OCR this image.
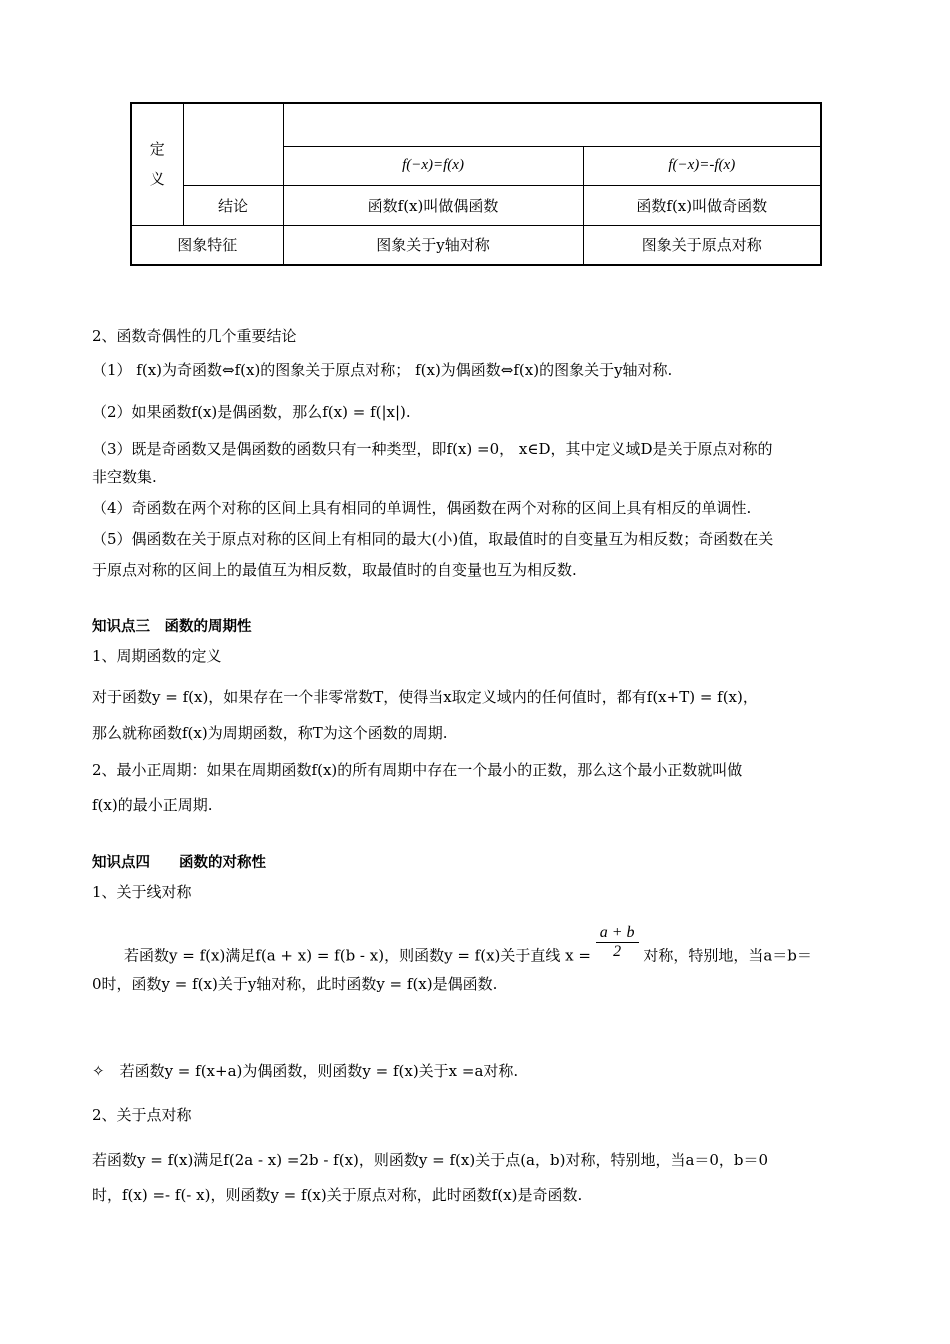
定义			

		f(−x)=f(x)	f(−x)=-f(x)
	结论	函数f(x)叫做偶函数	函数f(x)叫做奇函数
图象特征		图象关于y轴对称	图象关于原点对称
2、函数奇偶性的几个重要结论
（1） f(x)为奇函数⇔f(x)的图象关于原点对称； f(x)为偶函数⇔f(x)的图象关于y轴对称.
（2）如果函数f(x)是偶函数，那么f(x) = f(|x|).
（3）既是奇函数又是偶函数的函数只有一种类型，即f(x) =0， x∈D，其中定义域D是关于原点对称的
非空数集.
（4）奇函数在两个对称的区间上具有相同的单调性，偶函数在两个对称的区间上具有相反的单调性.
（5）偶函数在关于原点对称的区间上有相同的最大(小)值，取最值时的自变量互为相反数；奇函数在关
于原点对称的区间上的最值互为相反数，取最值时的自变量也互为相反数.
知识点三　函数的周期性
1、周期函数的定义
对于函数y = f(x)，如果存在一个非零常数T，使得当x取定义域内的任何值时，都有f(x+T) = f(x)，
那么就称函数f(x)为周期函数，称T为这个函数的周期.
2、最小正周期：如果在周期函数f(x)的所有周期中存在一个最小的正数，那么这个最小正数就叫做
f(x)的最小正周期.
知识点四　　函数的对称性
1、关于线对称
若函数y = f(x)满足f(a + x) = f(b - x)，则函数y = f(x)关于直线 $x = \frac{a + b}{2}$ 对称，特别地，当a＝b＝
0时，函数y = f(x)关于y轴对称，此时函数y = f(x)是偶函数.
✧　若函数y = f(x+a)为偶函数，则函数y = f(x)关于x =a对称.
2、关于点对称
若函数y = f(x)满足f(2a - x) =2b - f(x)，则函数y = f(x)关于点(a，b)对称，特别地，当a＝0，b＝0
时，f(x) =- f(- x)，则函数y = f(x)关于原点对称，此时函数f(x)是奇函数.
